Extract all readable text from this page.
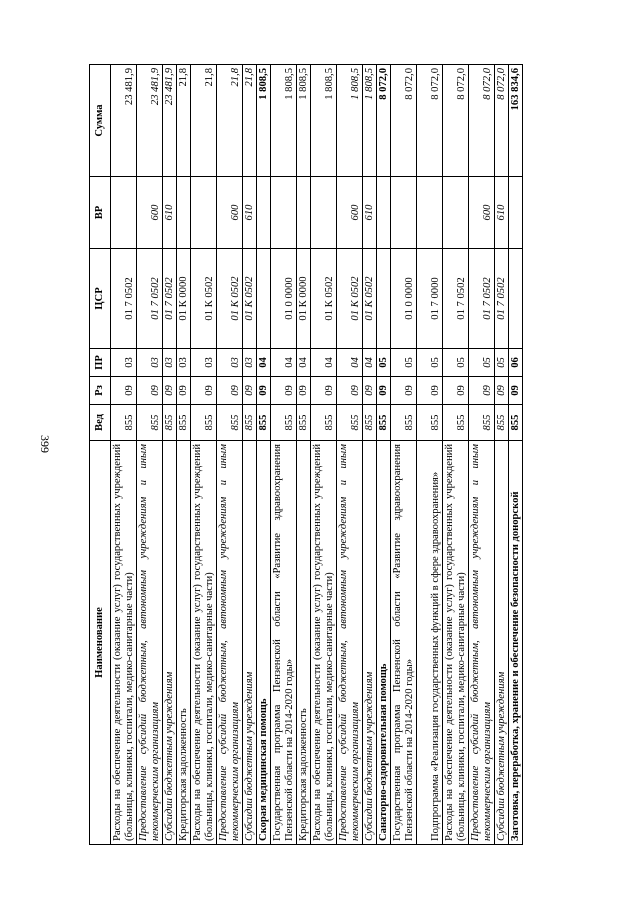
399
Наименование	Вед	Рз	ПР	ЦСР	ВР	Сумма
Расходы на обеспечение деятельности (оказание услуг) государственных учреждений (больницы, клиники, госпитали, медико-санитарные части)	855	09	03	01 7 0502		23 481,9
Предоставление субсидий бюджетным, автономным учреждениям и иным некоммерческим организациям	855	09	03	01 7 0502	600	23 481,9
Субсидии бюджетным учреждениям	855	09	03	01 7 0502	610	23 481,9
Кредиторская задолженность	855	09	03	01 К 0000		21,8
Расходы на обеспечение деятельности (оказание услуг) государственных учреждений (больницы, клиники, госпитали, медико-санитарные части)	855	09	03	01 К 0502		21,8
Предоставление субсидий бюджетным, автономным учреждениям и иным некоммерческим организациям	855	09	03	01 К 0502	600	21,8
Субсидии бюджетным учреждениям	855	09	03	01 К 0502	610	21,8
Скорая медицинская помощь	855	09	04			1 808,5
Государственная программа Пензенской области «Развитие здравоохранения Пензенской области на 2014-2020 годы»	855	09	04	01 0 0000		1 808,5
Кредиторская задолженность	855	09	04	01 К 0000		1 808,5
Расходы на обеспечение деятельности (оказание услуг) государственных учреждений (больницы, клиники, госпитали, медико-санитарные части)	855	09	04	01 К 0502		1 808,5
Предоставление субсидий бюджетным, автономным учреждениям и иным некоммерческим организациям	855	09	04	01 К 0502	600	1 808,5
Субсидии бюджетным учреждениям	855	09	04	01 К 0502	610	1 808,5
Санаторно-оздоровительная помощь	855	09	05			8 072,0
Государственная программа Пензенской области «Развитие здравоохранения Пензенской области на 2014-2020 годы»	855	09	05	01 0 0000		8 072,0
Подпрограмма «Реализация государственных функций в сфере здравоохранения»	855	09	05	01 7 0000		8 072,0
Расходы на обеспечение деятельности (оказание услуг) государственных учреждений (больницы, клиники, госпитали, медико-санитарные части)	855	09	05	01 7 0502		8 072,0
Предоставление субсидий бюджетным, автономным учреждениям и иным некоммерческим организациям	855	09	05	01 7 0502	600	8 072,0
Субсидии бюджетным учреждениям	855	09	05	01 7 0502	610	8 072,0
Заготовка, переработка, хранение и обеспечение безопасности донорской	855	09	06			163 834,6
